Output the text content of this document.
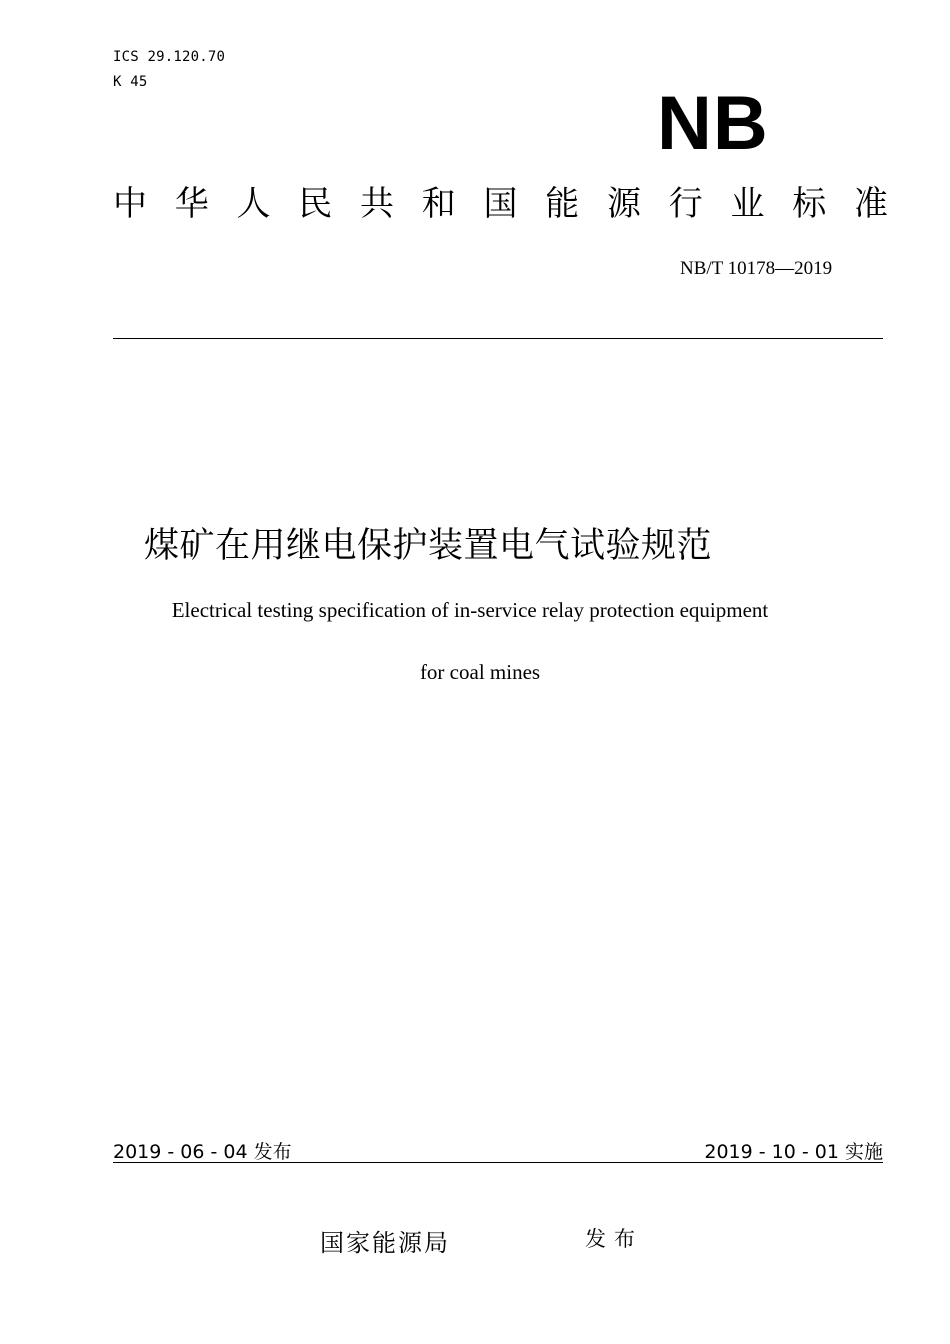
ICS 29.120.70
K 45	NB
中 华 人 民 共 和 国 能 源 行 业 标 准
NB/T 10178—2019
煤矿在用继电保护装置电气试验规范
Electrical testing specification of in-service relay protection equipment
for coal mines
2019 - 06 - 04 发布	2019 - 10 - 01 实施
国家能源局	发布
